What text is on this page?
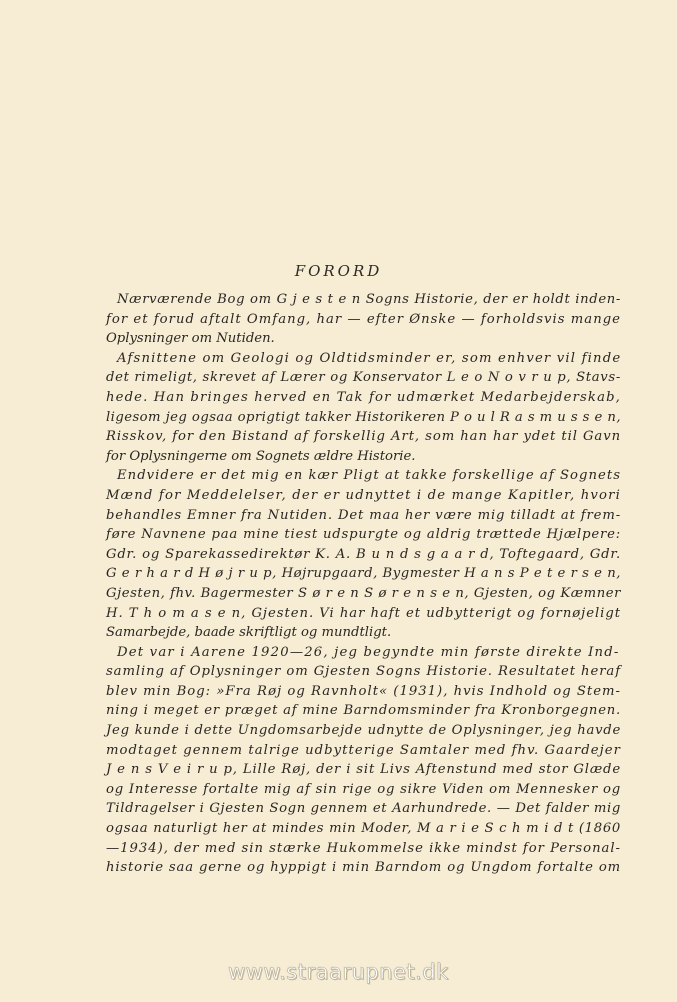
FORORD
Nærværende Bog om G j e s t e n Sogns Historie, der er holdt inden-
for et forud aftalt Omfang, har — efter Ønske — forholdsvis mange
Oplysninger om Nutiden.
Afsnittene om Geologi og Oldtidsminder er, som enhver vil finde
det rimeligt, skrevet af Lærer og Konservator L e o N o v r u p, Stavs-
hede. Han bringes herved en Tak for udmærket Medarbejderskab,
ligesom jeg ogsaa oprigtigt takker Historikeren P o u l R a s m u s s e n,
Risskov, for den Bistand af forskellig Art, som han har ydet til Gavn
for Oplysningerne om Sognets ældre Historie.
Endvidere er det mig en kær Pligt at takke forskellige af Sognets
Mænd for Meddelelser, der er udnyttet i de mange Kapitler, hvori
behandles Emner fra Nutiden. Det maa her være mig tilladt at frem-
føre Navnene paa mine tiest udspurgte og aldrig trættede Hjælpere:
Gdr. og Sparekassedirektør K. A. B u n d s g a a r d, Toftegaard, Gdr.
G e r h a r d H ø j r u p, Højrupgaard, Bygmester H a n s P e t e r s e n,
Gjesten, fhv. Bagermester S ø r e n S ø r e n s e n, Gjesten, og Kæmner
H. T h o m a s e n, Gjesten. Vi har haft et udbytterigt og fornøjeligt
Samarbejde, baade skriftligt og mundtligt.
Det var i Aarene 1920—26, jeg begyndte min første direkte Ind-
samling af Oplysninger om Gjesten Sogns Historie. Resultatet heraf
blev min Bog: »Fra Røj og Ravnholt« (1931), hvis Indhold og Stem-
ning i meget er præget af mine Barndomsminder fra Kronborgegnen.
Jeg kunde i dette Ungdomsarbejde udnytte de Oplysninger, jeg havde
modtaget gennem talrige udbytterige Samtaler med fhv. Gaardejer
J e n s V e i r u p, Lille Røj, der i sit Livs Aftenstund med stor Glæde
og Interesse fortalte mig af sin rige og sikre Viden om Mennesker og
Tildragelser i Gjesten Sogn gennem et Aarhundrede. — Det falder mig
ogsaa naturligt her at mindes min Moder, M a r i e S c h m i d t (1860
—1934), der med sin stærke Hukommelse ikke mindst for Personal-
historie saa gerne og hyppigt i min Barndom og Ungdom fortalte om
www.straarupnet.dk
